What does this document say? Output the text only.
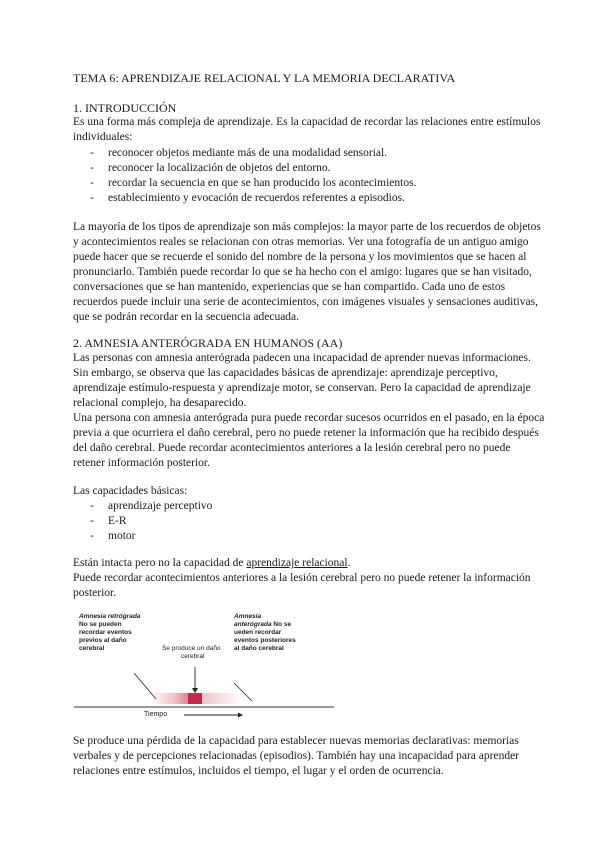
TEMA 6: APRENDIZAJE RELACIONAL Y LA MEMORIA DECLARATIVA
1. INTRODUCCIÓN
Es una forma más compleja de aprendizaje. Es la capacidad de recordar las relaciones entre estímulos
individuales:
- reconocer objetos mediante más de una modalidad sensorial.
- reconocer la localización de objetos del entorno.
- recordar la secuencia en que se han producido los acontecimientos.
- establecimiento y evocación de recuerdos referentes a episodios.
La mayoría de los tipos de aprendizaje son más complejos: la mayor parte de los recuerdos de objetos
y acontecimientos reales se relacionan con otras memorias. Ver una fotografía de un antiguo amigo
puede hacer que se recuerde el sonido del nombre de la persona y los movimientos que se hacen al
pronunciarlo. También puede recordar lo que se ha hecho con el amigo: lugares que se han visitado,
conversaciones que se han mantenido, experiencias que se han compartido. Cada uno de estos
recuerdos puede incluir una serie de acontecimientos, con imágenes visuales y sensaciones auditivas,
que se podrán recordar en la secuencia adecuada.
2. AMNESIA ANTERÓGRADA EN HUMANOS (AA)
Las personas con amnesia anterógrada padecen una incapacidad de aprender nuevas informaciones.
Sin embargo, se observa que las capacidades básicas de aprendizaje: aprendizaje perceptivo,
aprendizaje estímulo-respuesta y aprendizaje motor, se conservan. Pero la capacidad de aprendizaje
relacional complejo, ha desaparecido.
Una persona con amnesia anterógrada pura puede recordar sucesos ocurridos en el pasado, en la época
previa a que ocurriera el daño cerebral, pero no puede retener la información que ha recibido después
del daño cerebral. Puede recordar acontecimientos anteriores a la lesión cerebral pero no puede
retener información posterior.
Las capacidades básicas:
- aprendizaje perceptivo
- E-R
- motor
Están intacta pero no la capacidad de aprendizaje relacional.
Puede recordar acontecimientos anteriores a la lesión cerebral pero no puede retener la información
posterior.
Amnesia retrógrada
No se pueden
recordar eventos
previos al daño
cerebral	Se produce un daño
cerebral
Amnesia
anterógrada No se
ueden recordar
eventos posteriores
al daño cerebral
Tiempo
Se produce una pérdida de la capacidad para establecer nuevas memorias declarativas: memorias
verbales y de percepciones relacionadas (episodios). También hay una incapacidad para aprender
relaciones entre estímulos, incluidos el tiempo, el lugar y el orden de ocurrencia.
